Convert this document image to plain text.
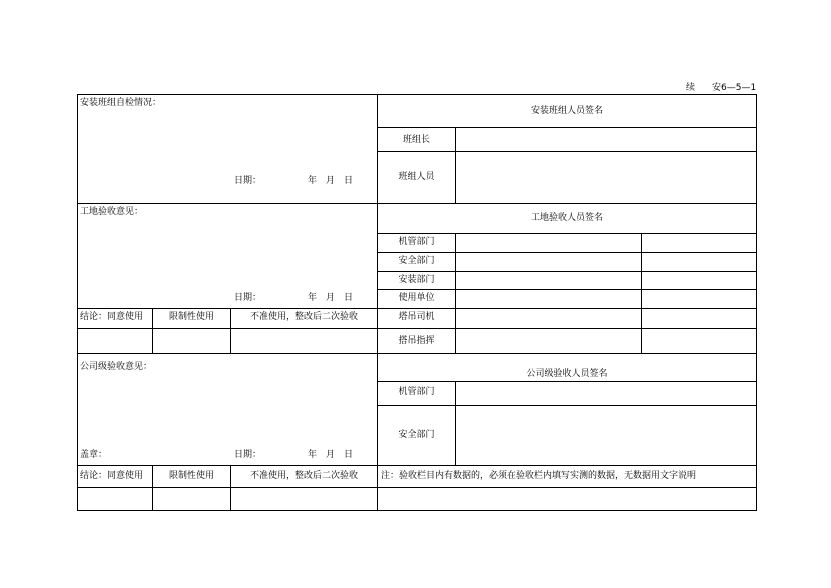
续 安6—5—1
安装班组自检情况：
日期：	年　月　日
安装班组人员签名
班组长
班组人员
工地验收意见：
日期：	年　月　日
工地验收人员签名
机管部门
安全部门
安装部门
使用单位
塔吊司机
搭吊指挥
结论：同意使用	限制性使用	不准使用，整改后二次验收
公司级验收意见：
盖章：	日期：	年　月　日
公司级验收人员签名
机管部门
安全部门
结论：同意使用	限制性使用	不准使用，整改后二次验收	注：验收栏目内有数据的，必须在验收栏内填写实测的数据，无数据用文字说明
